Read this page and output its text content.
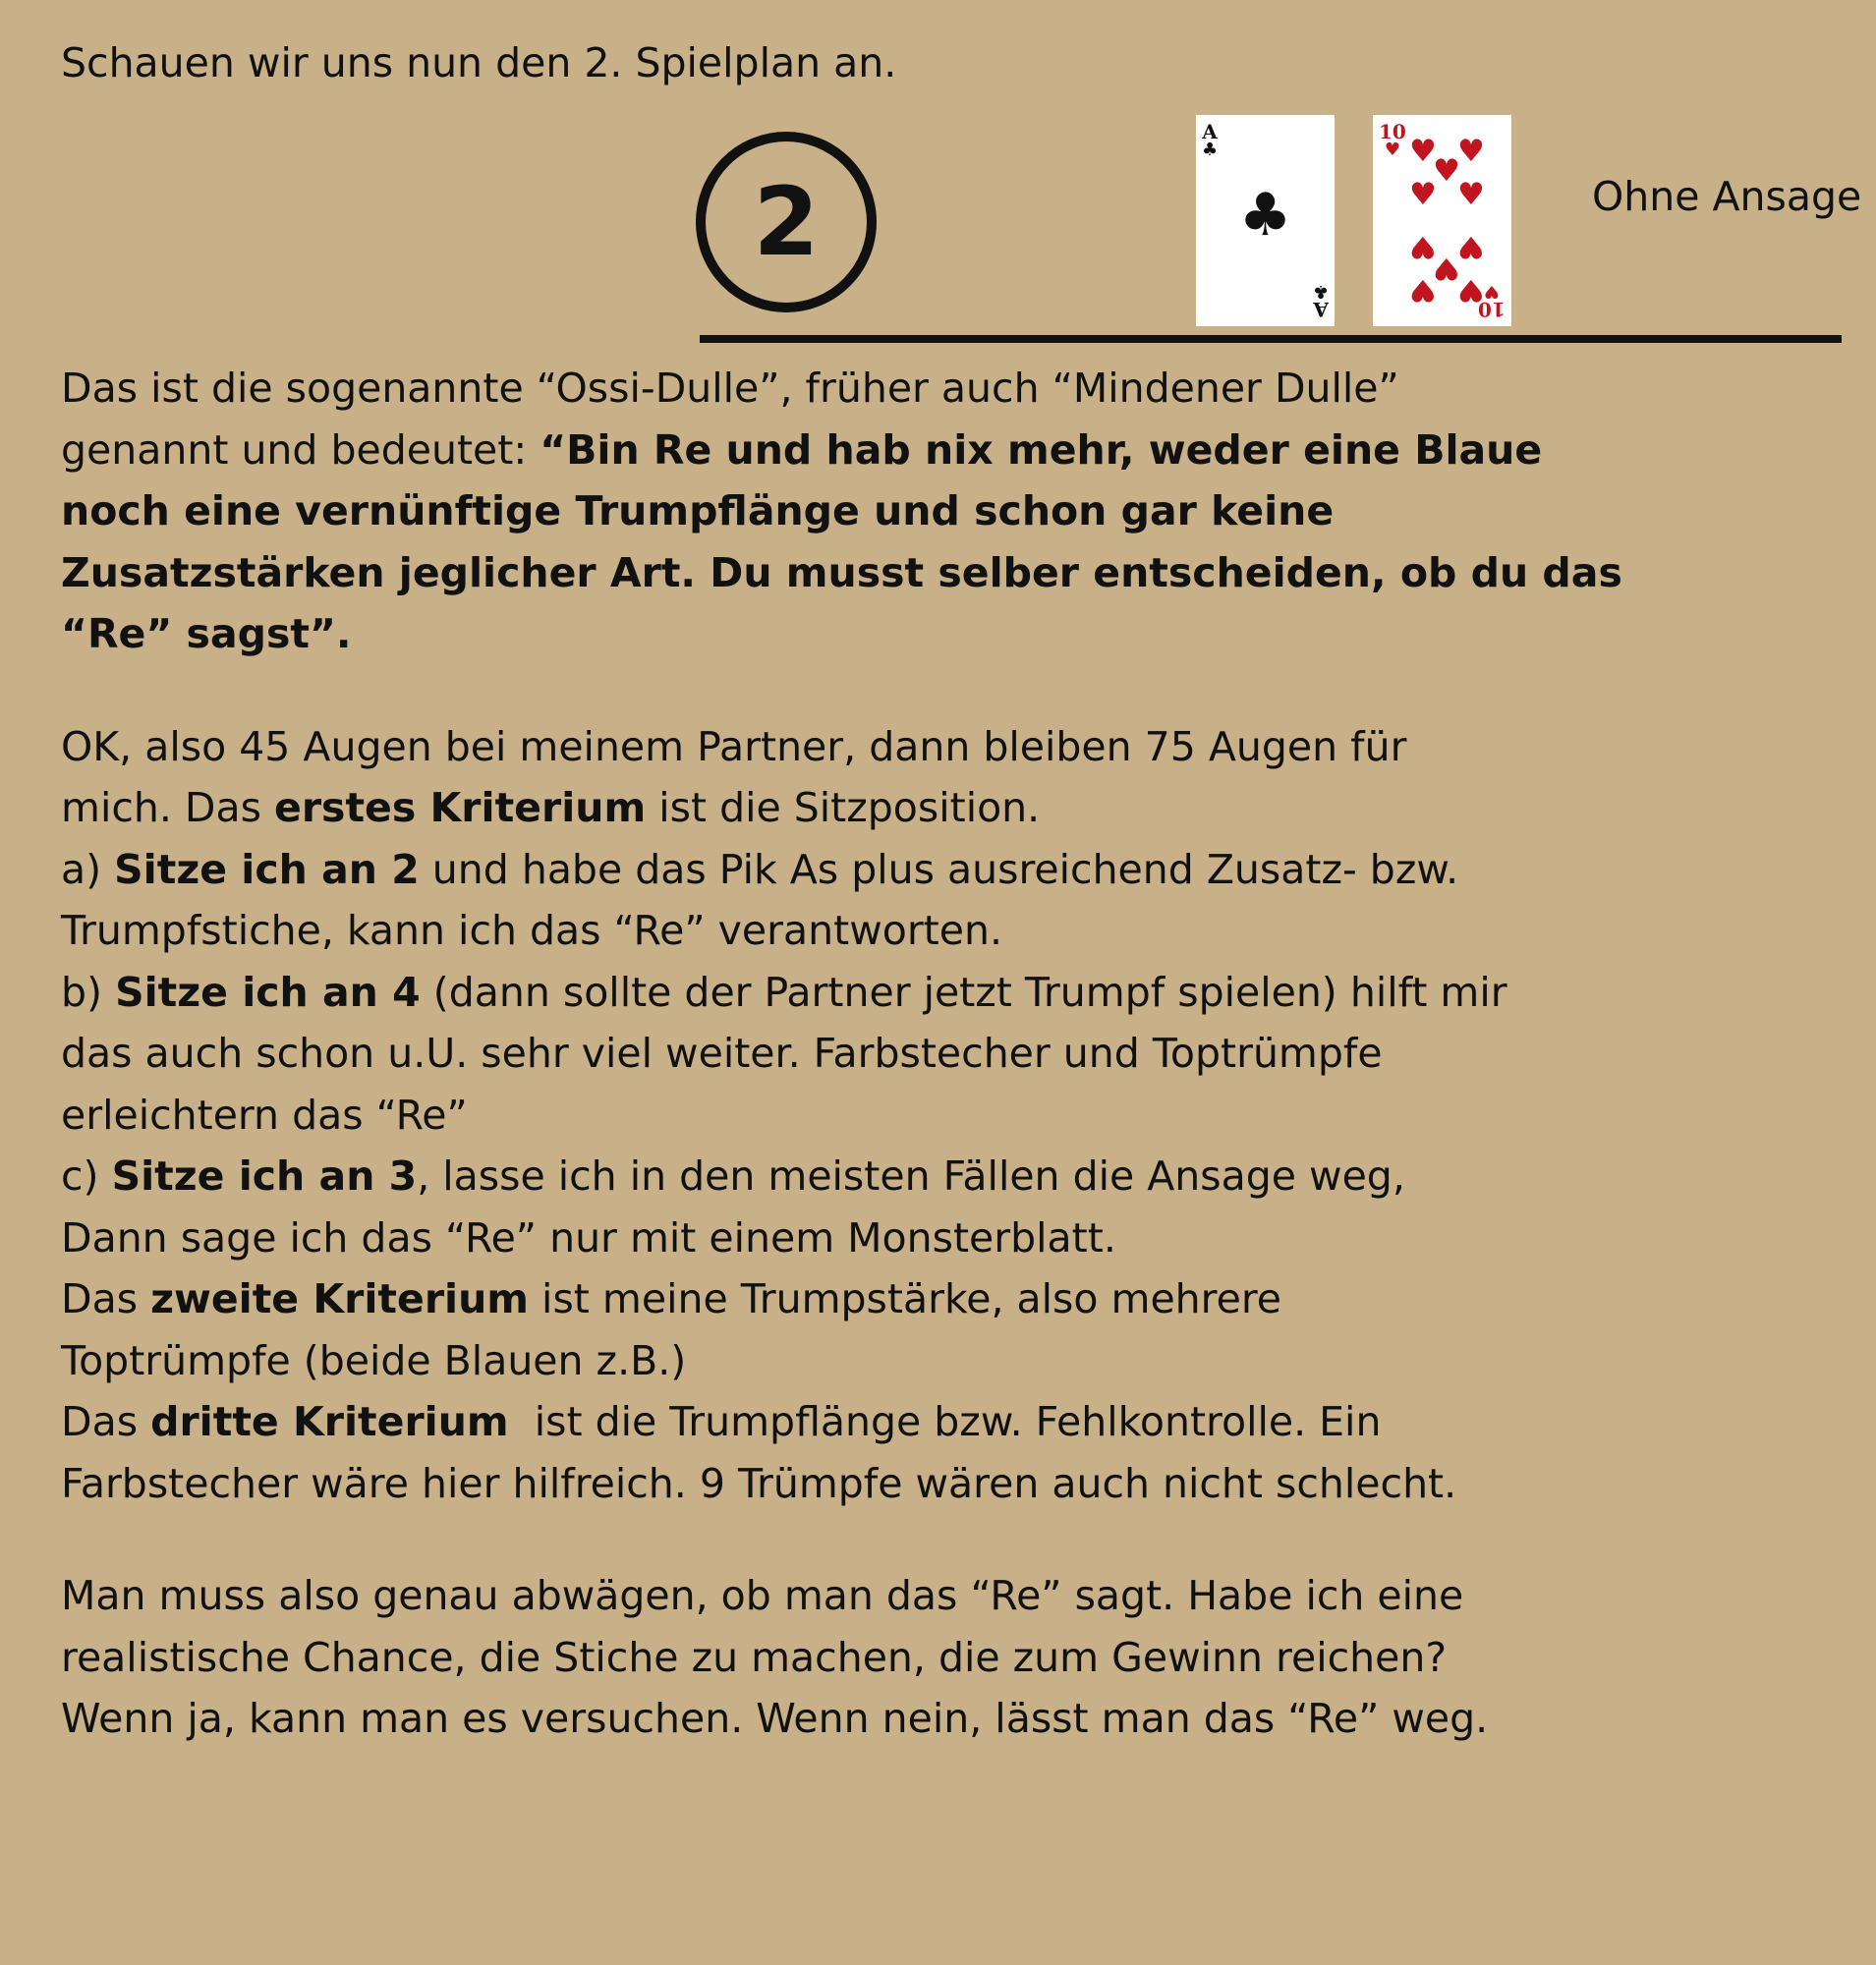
Schauen wir uns nun den 2. Spielplan an.

2
A
♣
♣
A
♣
10
♥ ♥ ♥
♥
♥ ♥
♥ ♥
♥
♥ ♥
10
♥

Ohne Ansage

Das ist die sogenannte “Ossi-Dulle”, früher auch “Mindener Dulle”

genannt und bedeutet: “Bin Re und hab nix mehr, weder eine Blaue

noch eine vernünftige Trumpflänge und schon gar keine

Zusatzstärken jeglicher Art. Du musst selber entscheiden, ob du das

“Re” sagst”.

OK, also 45 Augen bei meinem Partner, dann bleiben 75 Augen für

mich. Das erstes Kriterium ist die Sitzposition.

a) Sitze ich an 2 und habe das Pik As plus ausreichend Zusatz- bzw.

Trumpfstiche, kann ich das “Re” verantworten.

b) Sitze ich an 4 (dann sollte der Partner jetzt Trumpf spielen) hilft mir

das auch schon u.U. sehr viel weiter. Farbstecher und Toptrümpfe

erleichtern das “Re”

c) Sitze ich an 3, lasse ich in den meisten Fällen die Ansage weg,

Dann sage ich das “Re” nur mit einem Monsterblatt.

Das zweite Kriterium ist meine Trumpstärke, also mehrere

Toptrümpfe (beide Blauen z.B.)

Das dritte Kriterium  ist die Trumpflänge bzw. Fehlkontrolle. Ein

Farbstecher wäre hier hilfreich. 9 Trümpfe wären auch nicht schlecht.

Man muss also genau abwägen, ob man das “Re” sagt. Habe ich eine

realistische Chance, die Stiche zu machen, die zum Gewinn reichen?

Wenn ja, kann man es versuchen. Wenn nein, lässt man das “Re” weg.
